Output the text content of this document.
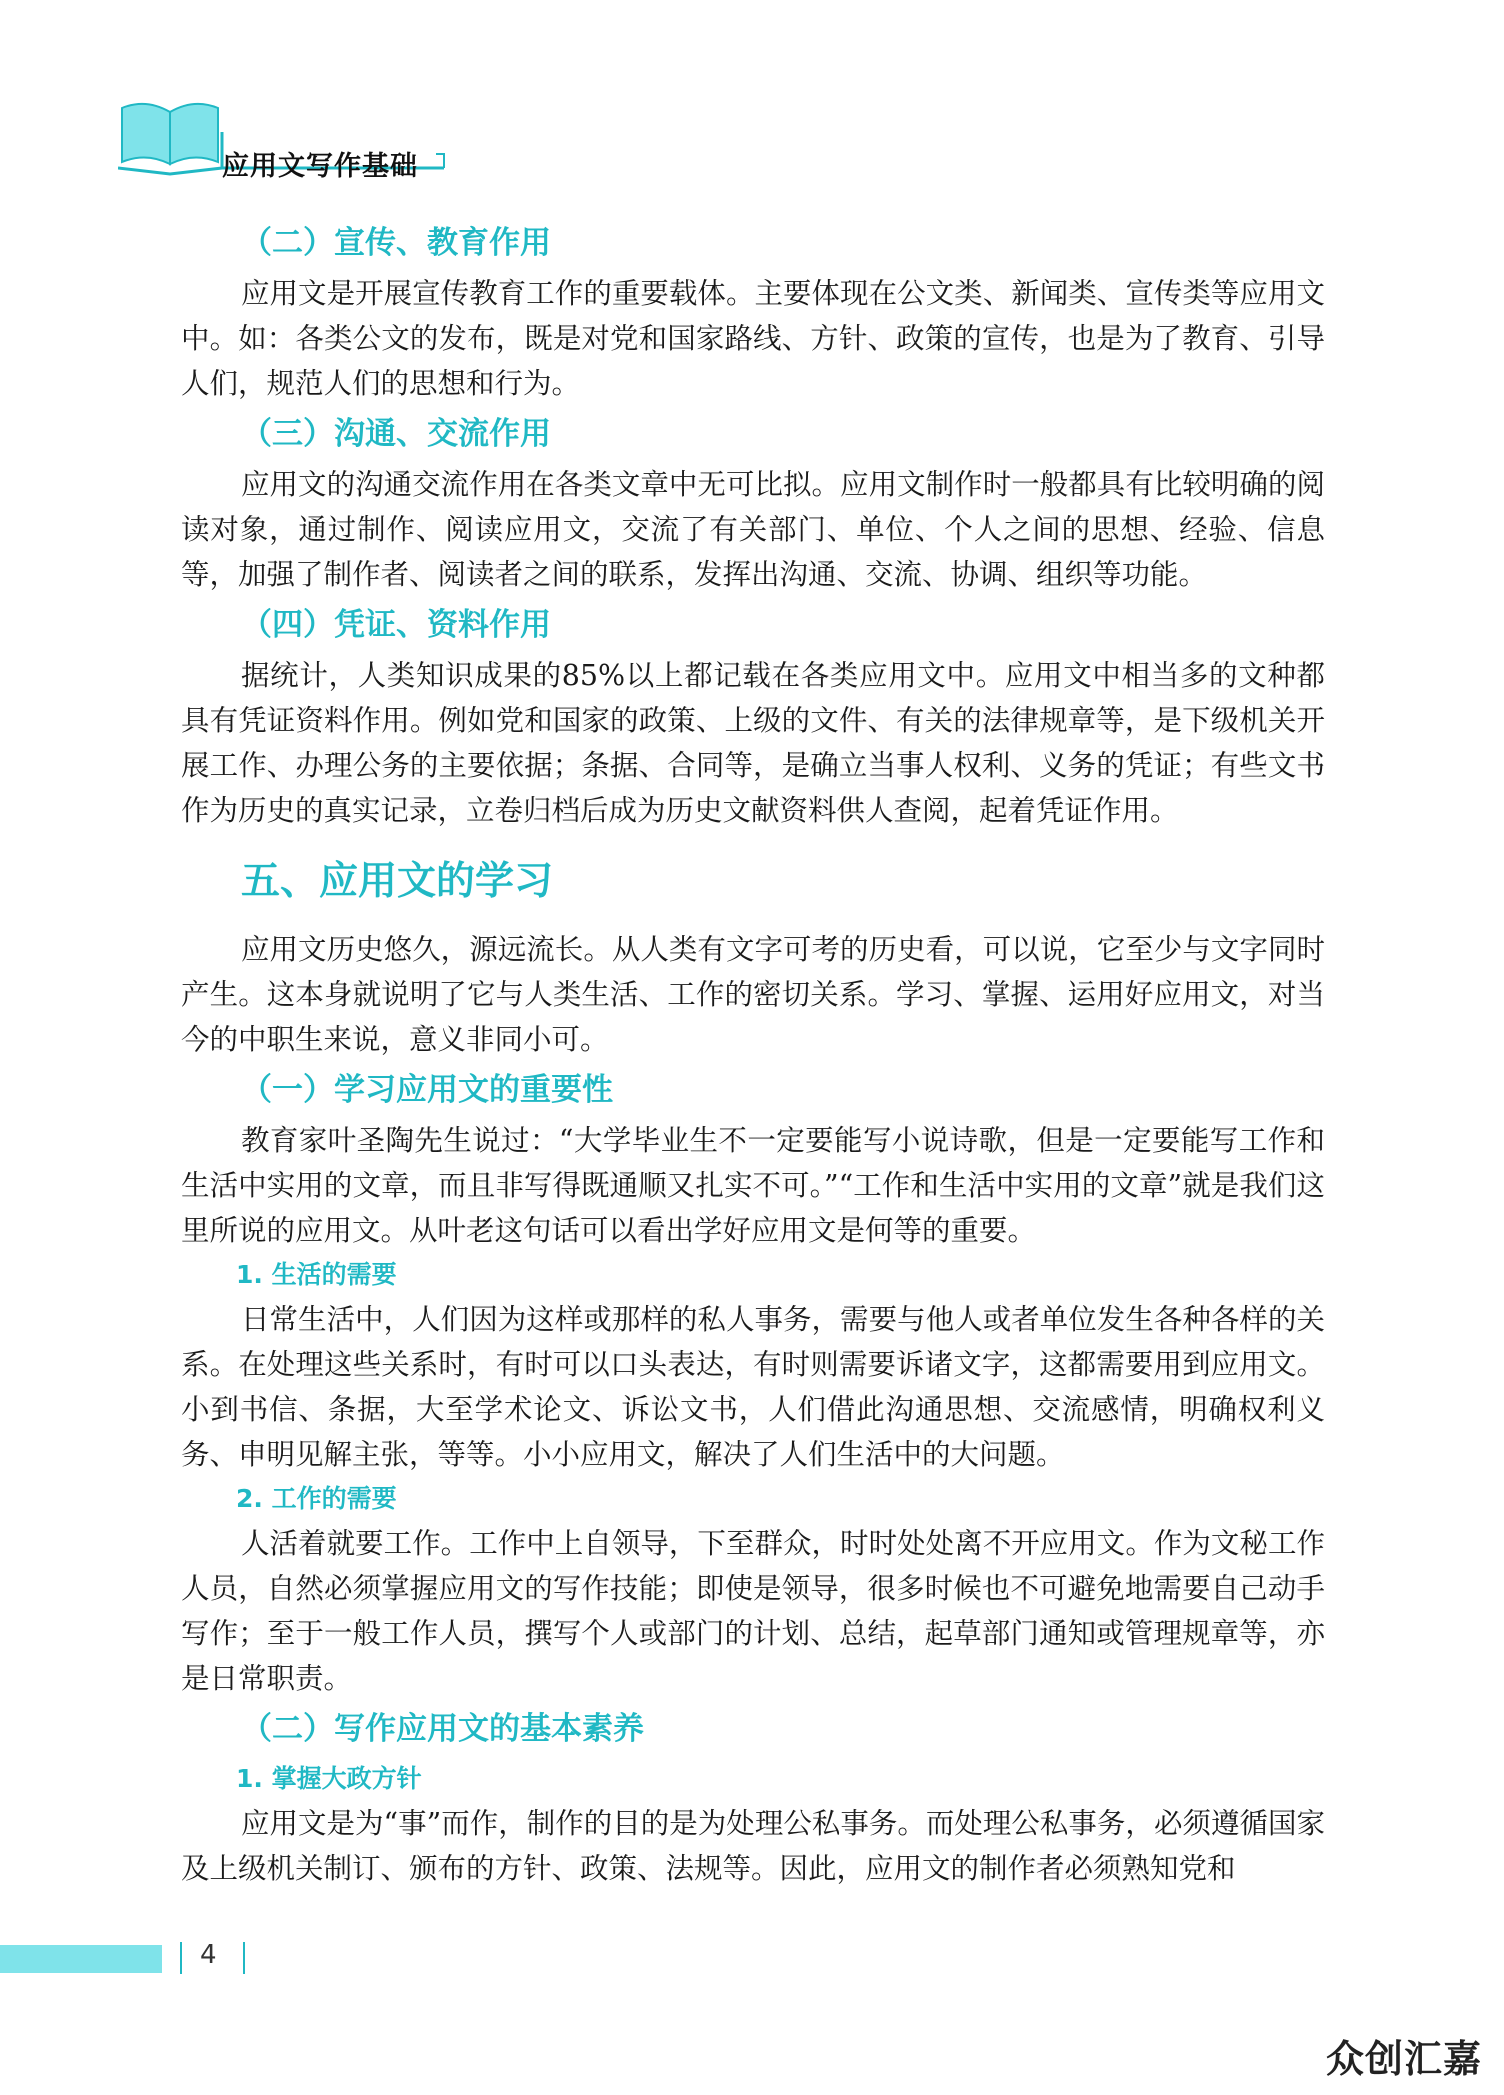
应用文写作基础
（二）宣传、教育作用

应用文是开展宣传教育工作的重要载体。主要体现在公文类、新闻类、宣传类等应用文中。如：各类公文的发布，既是对党和国家路线、方针、政策的宣传，也是为了教育、引导人们，规范人们的思想和行为。

（三）沟通、交流作用

应用文的沟通交流作用在各类文章中无可比拟。应用文制作时一般都具有比较明确的阅读对象，通过制作、阅读应用文，交流了有关部门、单位、个人之间的思想、经验、信息等，加强了制作者、阅读者之间的联系，发挥出沟通、交流、协调、组织等功能。

（四）凭证、资料作用

据统计，人类知识成果的85%以上都记载在各类应用文中。应用文中相当多的文种都具有凭证资料作用。例如党和国家的政策、上级的文件、有关的法律规章等，是下级机关开展工作、办理公务的主要依据；条据、合同等，是确立当事人权利、义务的凭证；有些文书作为历史的真实记录，立卷归档后成为历史文献资料供人查阅，起着凭证作用。

五、应用文的学习

应用文历史悠久，源远流长。从人类有文字可考的历史看，可以说，它至少与文字同时产生。这本身就说明了它与人类生活、工作的密切关系。学习、掌握、运用好应用文，对当今的中职生来说，意义非同小可。

（一）学习应用文的重要性

教育家叶圣陶先生说过：“大学毕业生不一定要能写小说诗歌，但是一定要能写工作和生活中实用的文章，而且非写得既通顺又扎实不可。”“工作和生活中实用的文章”就是我们这里所说的应用文。从叶老这句话可以看出学好应用文是何等的重要。

1. 生活的需要

日常生活中，人们因为这样或那样的私人事务，需要与他人或者单位发生各种各样的关系。在处理这些关系时，有时可以口头表达，有时则需要诉诸文字，这都需要用到应用文。小到书信、条据，大至学术论文、诉讼文书，人们借此沟通思想、交流感情，明确权利义务、申明见解主张，等等。小小应用文，解决了人们生活中的大问题。

2. 工作的需要

人活着就要工作。工作中上自领导，下至群众，时时处处离不开应用文。作为文秘工作人员，自然必须掌握应用文的写作技能；即使是领导，很多时候也不可避免地需要自己动手写作；至于一般工作人员，撰写个人或部门的计划、总结，起草部门通知或管理规章等，亦是日常职责。

（二）写作应用文的基本素养
1. 掌握大政方针

应用文是为“事”而作，制作的目的是为处理公私事务。而处理公私事务，必须遵循国家及上级机关制订、颁布的方针、政策、法规等。因此，应用文的制作者必须熟知党和

4
众创汇嘉
